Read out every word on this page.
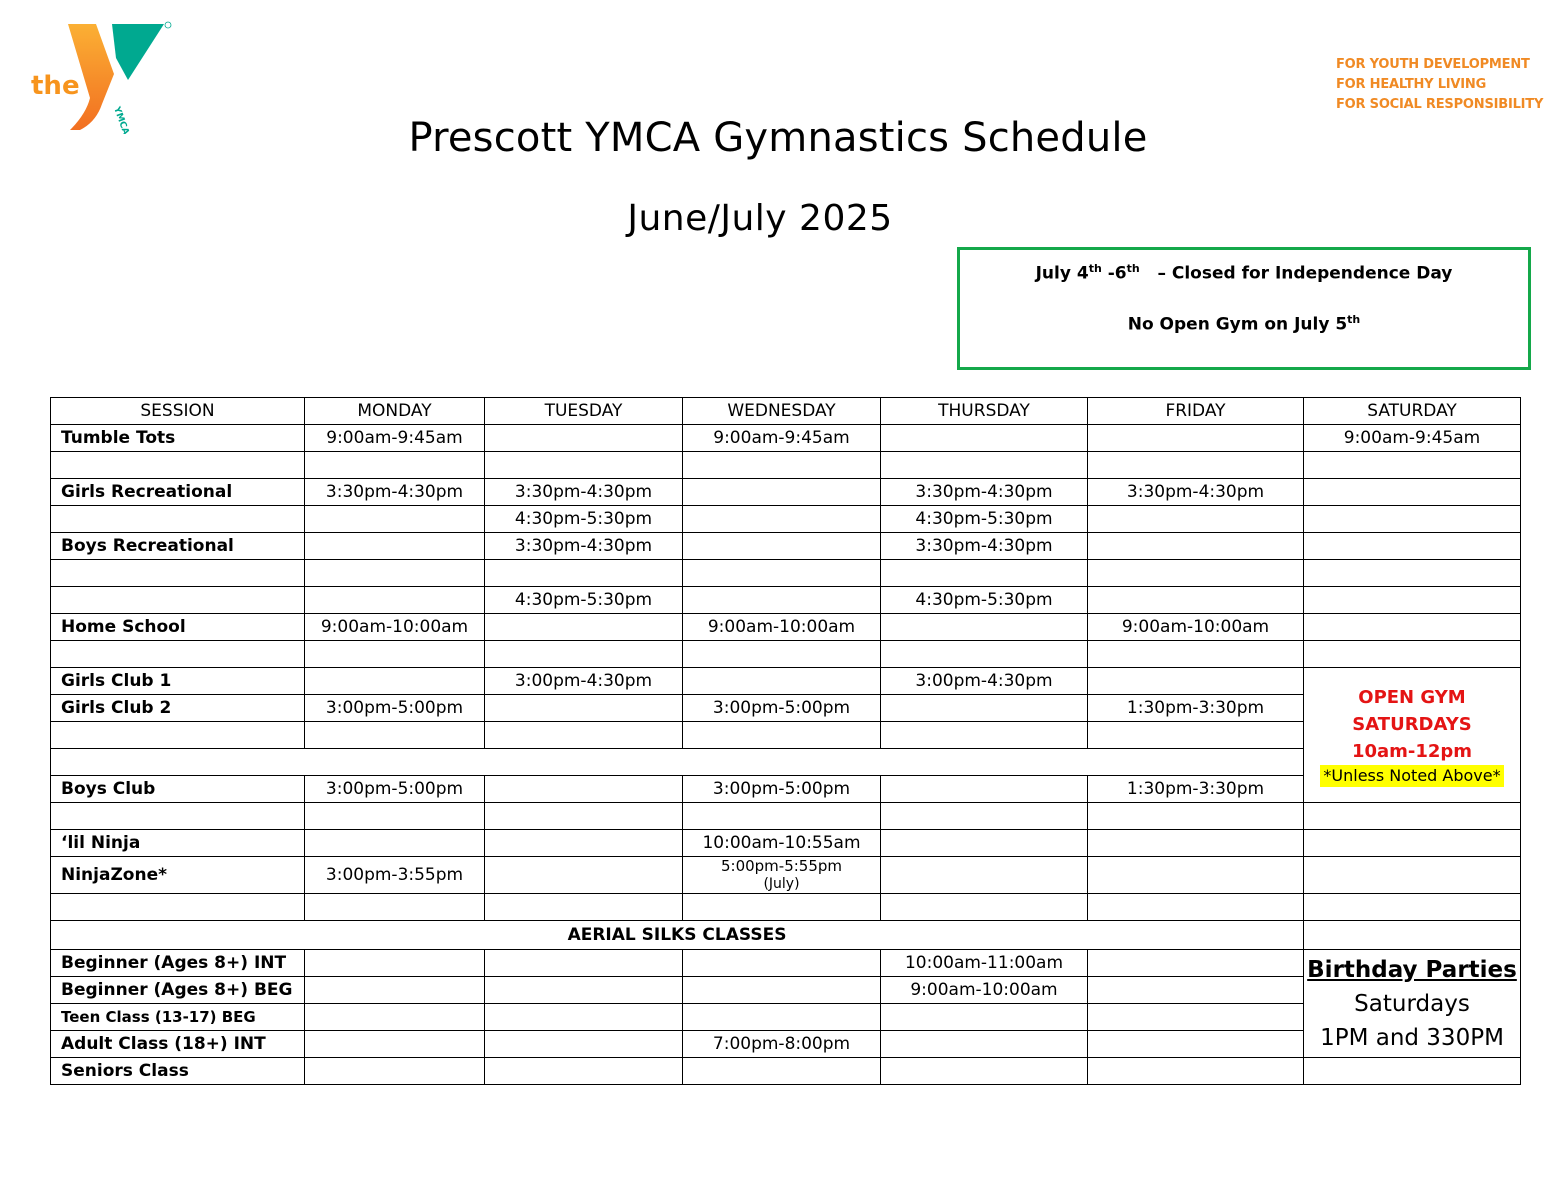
the
YMCA
FOR YOUTH DEVELOPMENT
FOR HEALTHY LIVING
FOR SOCIAL RESPONSIBILITY
Prescott YMCA Gymnastics Schedule
June/July 2025
July 4th -6th   – Closed for Independence Day
No Open Gym on July 5th
SESSION	MONDAY	TUESDAY	WEDNESDAY	THURSDAY	FRIDAY	SATURDAY
Tumble Tots	9:00am-9:45am		9:00am-9:45am			9:00am-9:45am

Girls Recreational	3:30pm-4:30pm	3:30pm-4:30pm		3:30pm-4:30pm	3:30pm-4:30pm	
		4:30pm-5:30pm		4:30pm-5:30pm		
Boys Recreational		3:30pm-4:30pm		3:30pm-4:30pm		

		4:30pm-5:30pm		4:30pm-5:30pm		
Home School	9:00am-10:00am		9:00am-10:00am		9:00am-10:00am	

Girls Club 1		3:00pm-4:30pm		3:00pm-4:30pm		OPEN GYM
SATURDAYS
10am-12pm
*Unless Noted Above*
Girls Club 2	3:00pm-5:00pm		3:00pm-5:00pm		1:30pm-3:30pm	

Boys Club	3:00pm-5:00pm		3:00pm-5:00pm		1:30pm-3:30pm	

‘lil Ninja			10:00am-10:55am			
NinjaZone*	3:00pm-3:55pm		5:00pm-5:55pm
(July)			

AERIAL SILKS CLASSES						
Beginner (Ages 8+) INT				10:00am-11:00am		Birthday Parties
Saturdays
1PM and 330PM

Beginner (Ages 8+) BEG				9:00am-10:00am		
Teen Class (13-17) BEG						
Adult Class (18+) INT			7:00pm-8:00pm			
Seniors Class						
